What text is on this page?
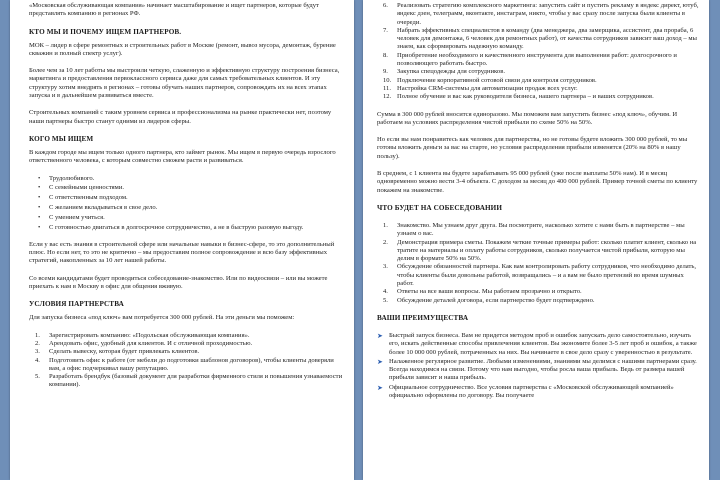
«Московская обслуживающая компания» начинает масштабирование и ищет партнеров, которые будут представлять компанию в регионах РФ.

КТО МЫ И ПОЧЕМУ ИЩЕМ ПАРТНЕРОВ.

МОК – лидер в сфере ремонтных и строительных работ в Москве (ремонт, вывоз мусора, демонтаж, бурение скважин и полный спектр услуг).

Более чем за 10 лет работы мы выстроили четкую, слаженную и эффективную структуру построения бизнеса, маркетинга и предоставления первоклассного сервиса даже для самых требовательных клиентов. И эту структуру хотим внедрять в регионах – готовы обучать наших партнеров, сопровождать их на всех этапах запуска и в дальнейшем развиваться вместе.

Строительных компаний с таким уровнем сервиса и профессионализма на рынке практически нет, поэтому наши партнеры быстро станут одними из лидеров сферы.

КОГО МЫ ИЩЕМ

В каждом городе мы ищем только одного партнера, кто займет рынок. Мы ищем в первую очередь взрослого ответственного человека, с которым совместно сможем расти и развиваться.

• Трудолюбивого.
• С семейными ценностями.
• С ответственным подходом.
• С желанием вкладываться в свое дело.
• С умением учиться.
• С готовностью двигаться в долгосрочное сотрудничество, а не в быструю разовую выгоду.

Если у вас есть знания в строительной сфере или начальные навыки в бизнес-сфере, то это дополнительный плюс. Но если нет, то это не критично – мы предоставим полное сопровождение и всю базу эффективных стратегий, накопленных за 10 лет нашей работы.

Со всеми кандидатами будет проводиться собеседование-знакомство. Или по видеосвязи – или вы можете приехать к нам в Москву в офис для общения вживую.

УСЛОВИЯ ПАРТНЕРСТВА

Для запуска бизнеса «под ключ» вам потребуется 300 000 рублей. На эти деньги мы поможем:

1. Зарегистрировать компанию: «Подольская обслуживающая компания».
2. Арендовать офис, удобный для клиентов. И с отличной проходимостью.
3. Сделать вывеску, которая будет привлекать клиентов.
4. Подготовить офис к работе (от мебели до подготовки шаблонов договоров), чтобы клиенты доверяли вам, а офис подчеркивал вашу репутацию.
5. Разработать брендбук (базовый документ для разработки фирменного стиля и повышения узнаваемости компании).
6. Реализовать стратегию комплексного маркетинга: запустить сайт и пустить рекламу в яндекс директ, ютуб, яндекс дзен, телеграмм, вконтакте, инстаграм, никто, чтобы у вас сразу после запуска были клиенты в очереди.
7. Набрать эффективных специалистов в команду (два менеджера, два замерщика, ассистент, два прораба, 6 человек для демонтажа, 6 человек для ремонтных работ), от качества сотрудников зависит ваш доход – мы знаем, как сформировать надежную команду.
8. Приобретение необходимого и качественного инструмента для выполнения работ: долгосрочного и позволяющего работать быстро.
9. Закупка спецодежды для сотрудников.
10. Подключение корпоративной сотовой связи для контроля сотрудников.
11. Настройка CRM-системы для автоматизации продаж всех услуг.
12. Полное обучение и вас как руководителя бизнеса, нашего партнера – и ваших сотрудников.

Сумма в 300 000 рублей вносится единоразово. Мы поможем вам запустить бизнес «под ключ», обучим. И работаем на условиях распределения чистой прибыли по схеме 50% на 50%.

Но если вы нам понравитесь как человек для партнерства, но не готовы будете вложить 300 000 рублей, то мы готовы вложить деньги за вас на старте, но условия распределения прибыли изменятся (20% на 80% в нашу пользу).

В среднем, с 1 клиента вы будете зарабатывать 95 000 рублей (уже после выплаты 50% нам). И в месяц одновременно можно вести 3-4 объекта. С доходом за месяц до 400 000 рублей. Пример точной сметы по клиенту покажем на знакомстве.

ЧТО БУДЕТ НА СОБЕСЕДОВАНИИ
1. Знакомство. Мы узнаем друг друга. Вы посмотрите, насколько хотите с нами быть в партнерстве – мы узнаем о вас.
2. Демонстрация примера сметы. Покажем четкие точные примеры работ: сколько платит клиент, сколько на тратите на материалы и оплату работы сотрудников, сколько получается чистой прибыли, которую мы делим в формате 50% на 50%.
3. Обсуждение обязанностей партнера. Как вам контролировать работу сотрудников, что необходимо делать, чтобы клиенты были довольны работой, возвращались – и а вам не было претензий во время шумных работ.
4. Ответы на все ваши вопросы. Мы работаем прозрачно и открыто.
5. Обсуждение деталей договора, если партнерство будет подтверждено.
ВАШИ ПРЕИМУЩЕСТВА
➤ Быстрый запуск бизнеса. Вам не придется методом проб и ошибок запускать дело самостоятельно, изучать его, искать действенные способы привлечения клиентов. Вы экономите более 3-5 лет проб и ошибок, а также более 10 000 000 рублей, потраченных на них. Вы начинаете в свое дело сразу с уверенностью в результате.
➤ Налаженное регулярное развитие. Любыми изменениями, знаниями мы делимся с нашими партнерами сразу. Всегда находимся на связи. Потому что нам выгодно, чтобы росла ваша прибыль. Ведь от размера вашей прибыли зависит и наша прибыль.
➤ Официальное сотрудничество. Все условия партнерства с «Московской обслуживающей компанией» официально оформлены по договору. Вы получаете
